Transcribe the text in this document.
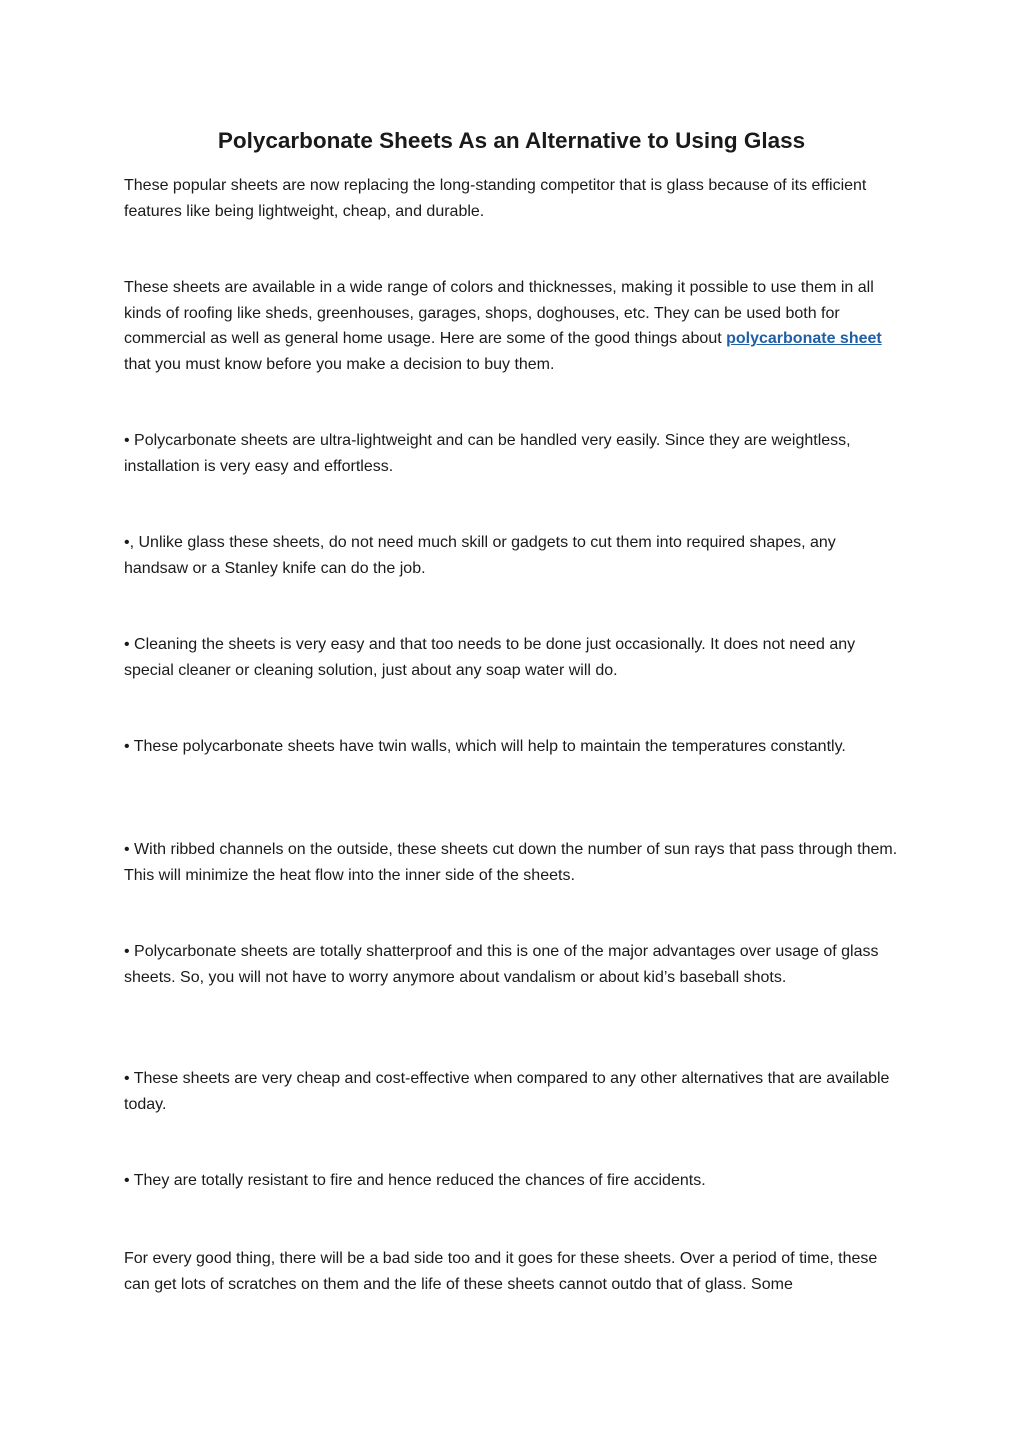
Polycarbonate Sheets As an Alternative to Using Glass

These popular sheets are now replacing the long-standing competitor that is glass because of its efficient features like being lightweight, cheap, and durable.

These sheets are available in a wide range of colors and thicknesses, making it possible to use them in all kinds of roofing like sheds, greenhouses, garages, shops, doghouses, etc. They can be used both for commercial as well as general home usage. Here are some of the good things about polycarbonate sheet that you must know before you make a decision to buy them.

• Polycarbonate sheets are ultra-lightweight and can be handled very easily. Since they are weightless, installation is very easy and effortless.

•, Unlike glass these sheets, do not need much skill or gadgets to cut them into required shapes, any handsaw or a Stanley knife can do the job.

• Cleaning the sheets is very easy and that too needs to be done just occasionally. It does not need any special cleaner or cleaning solution, just about any soap water will do.

• These polycarbonate sheets have twin walls, which will help to maintain the temperatures constantly.

• With ribbed channels on the outside, these sheets cut down the number of sun rays that pass through them. This will minimize the heat flow into the inner side of the sheets.

• Polycarbonate sheets are totally shatterproof and this is one of the major advantages over usage of glass sheets. So, you will not have to worry anymore about vandalism or about kid’s baseball shots.

• These sheets are very cheap and cost-effective when compared to any other alternatives that are available today.

• They are totally resistant to fire and hence reduced the chances of fire accidents.

For every good thing, there will be a bad side too and it goes for these sheets. Over a period of time, these can get lots of scratches on them and the life of these sheets cannot outdo that of glass. Some
